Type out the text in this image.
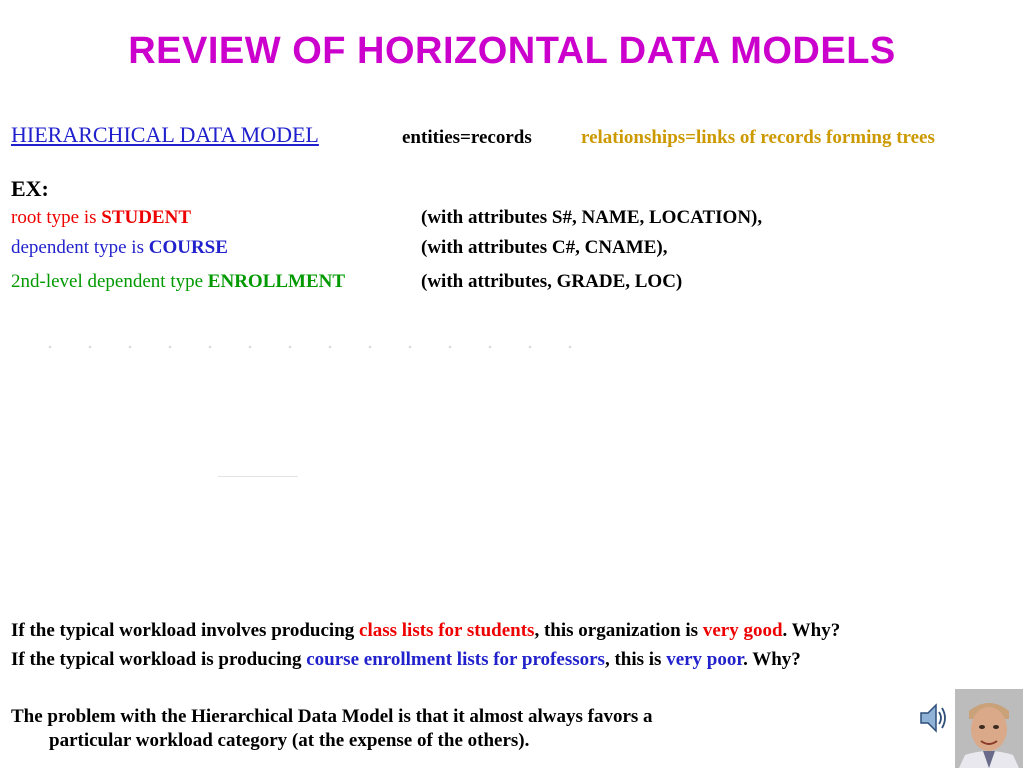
REVIEW OF HORIZONTAL DATA MODELS
HIERARCHICAL DATA MODEL	entities=records	relationships=links of records forming trees
EX:
root type is STUDENT	(with attributes S#, NAME, LOCATION),
dependent type is COURSE	(with attributes C#, CNAME),
2nd-level dependent type ENROLLMENT	(with attributes, GRADE, LOC)
If the typical workload involves producing class lists for students, this organization is very good. Why?
If the typical workload is producing course enrollment lists for professors, this is very poor. Why?
The problem with the Hierarchical Data Model is that it almost always favors a
particular workload category (at the expense of the others).
